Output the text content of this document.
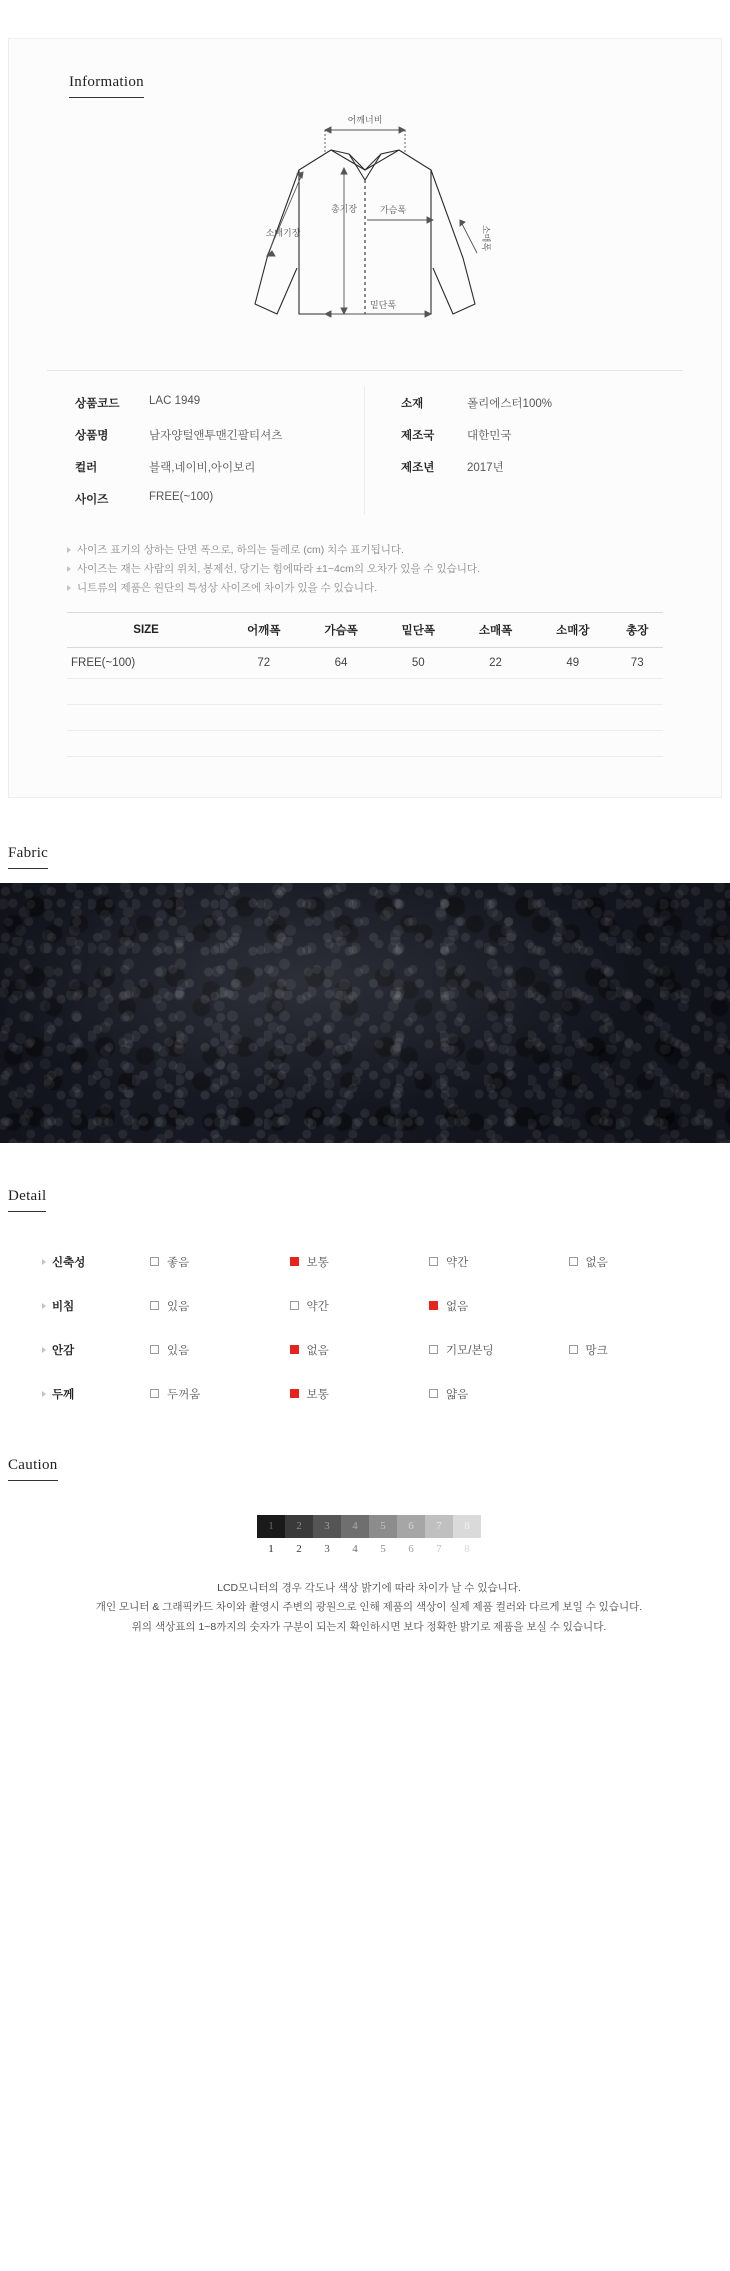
Information
어깨너비
총기장	가슴폭
소매기장	소매폭
밑단폭
상품코드	LAC 1949
상품명	남자양털앤투맨긴팔티셔츠
컬러	블랙,네이비,아이보리
사이즈	FREE(~100)
소재	폴리에스터100%
제조국	대한민국
제조년	2017년
사이즈 표기의 상하는 단면 폭으로, 하의는 둘레로 (cm) 치수 표기됩니다.
사이즈는 재는 사람의 위치, 봉제선, 당기는 힘에따라 ±1~4cm의 오차가 있을 수 있습니다.
니트류의 제품은 원단의 특성상 사이즈에 차이가 있을 수 있습니다.
SIZE	어깨폭	가슴폭	밑단폭	소매폭	소매장	총장
FREE(~100)	72	64	50	22	49	73

Fabric
Detail
신축성	좋음	보통	약간	없음
비침	있음	약간	없음
안감	있음	없음	기모/본딩	망크
두께	두꺼움	보통	얇음
Caution
1	2	3	4	5	6	7	8
1	2	3	4	5	6	7	8
LCD모니터의 경우 각도나 색상 밝기에 따라 차이가 날 수 있습니다.
개인 모니터 & 그래픽카드 차이와 촬영시 주변의 광원으로 인해 제품의 색상이 실제 제품 컬러와 다르게 보일 수 있습니다.
위의 색상표의 1~8까지의 숫자가 구분이 되는지 확인하시면 보다 정확한 밝기로 제품을 보실 수 있습니다.
